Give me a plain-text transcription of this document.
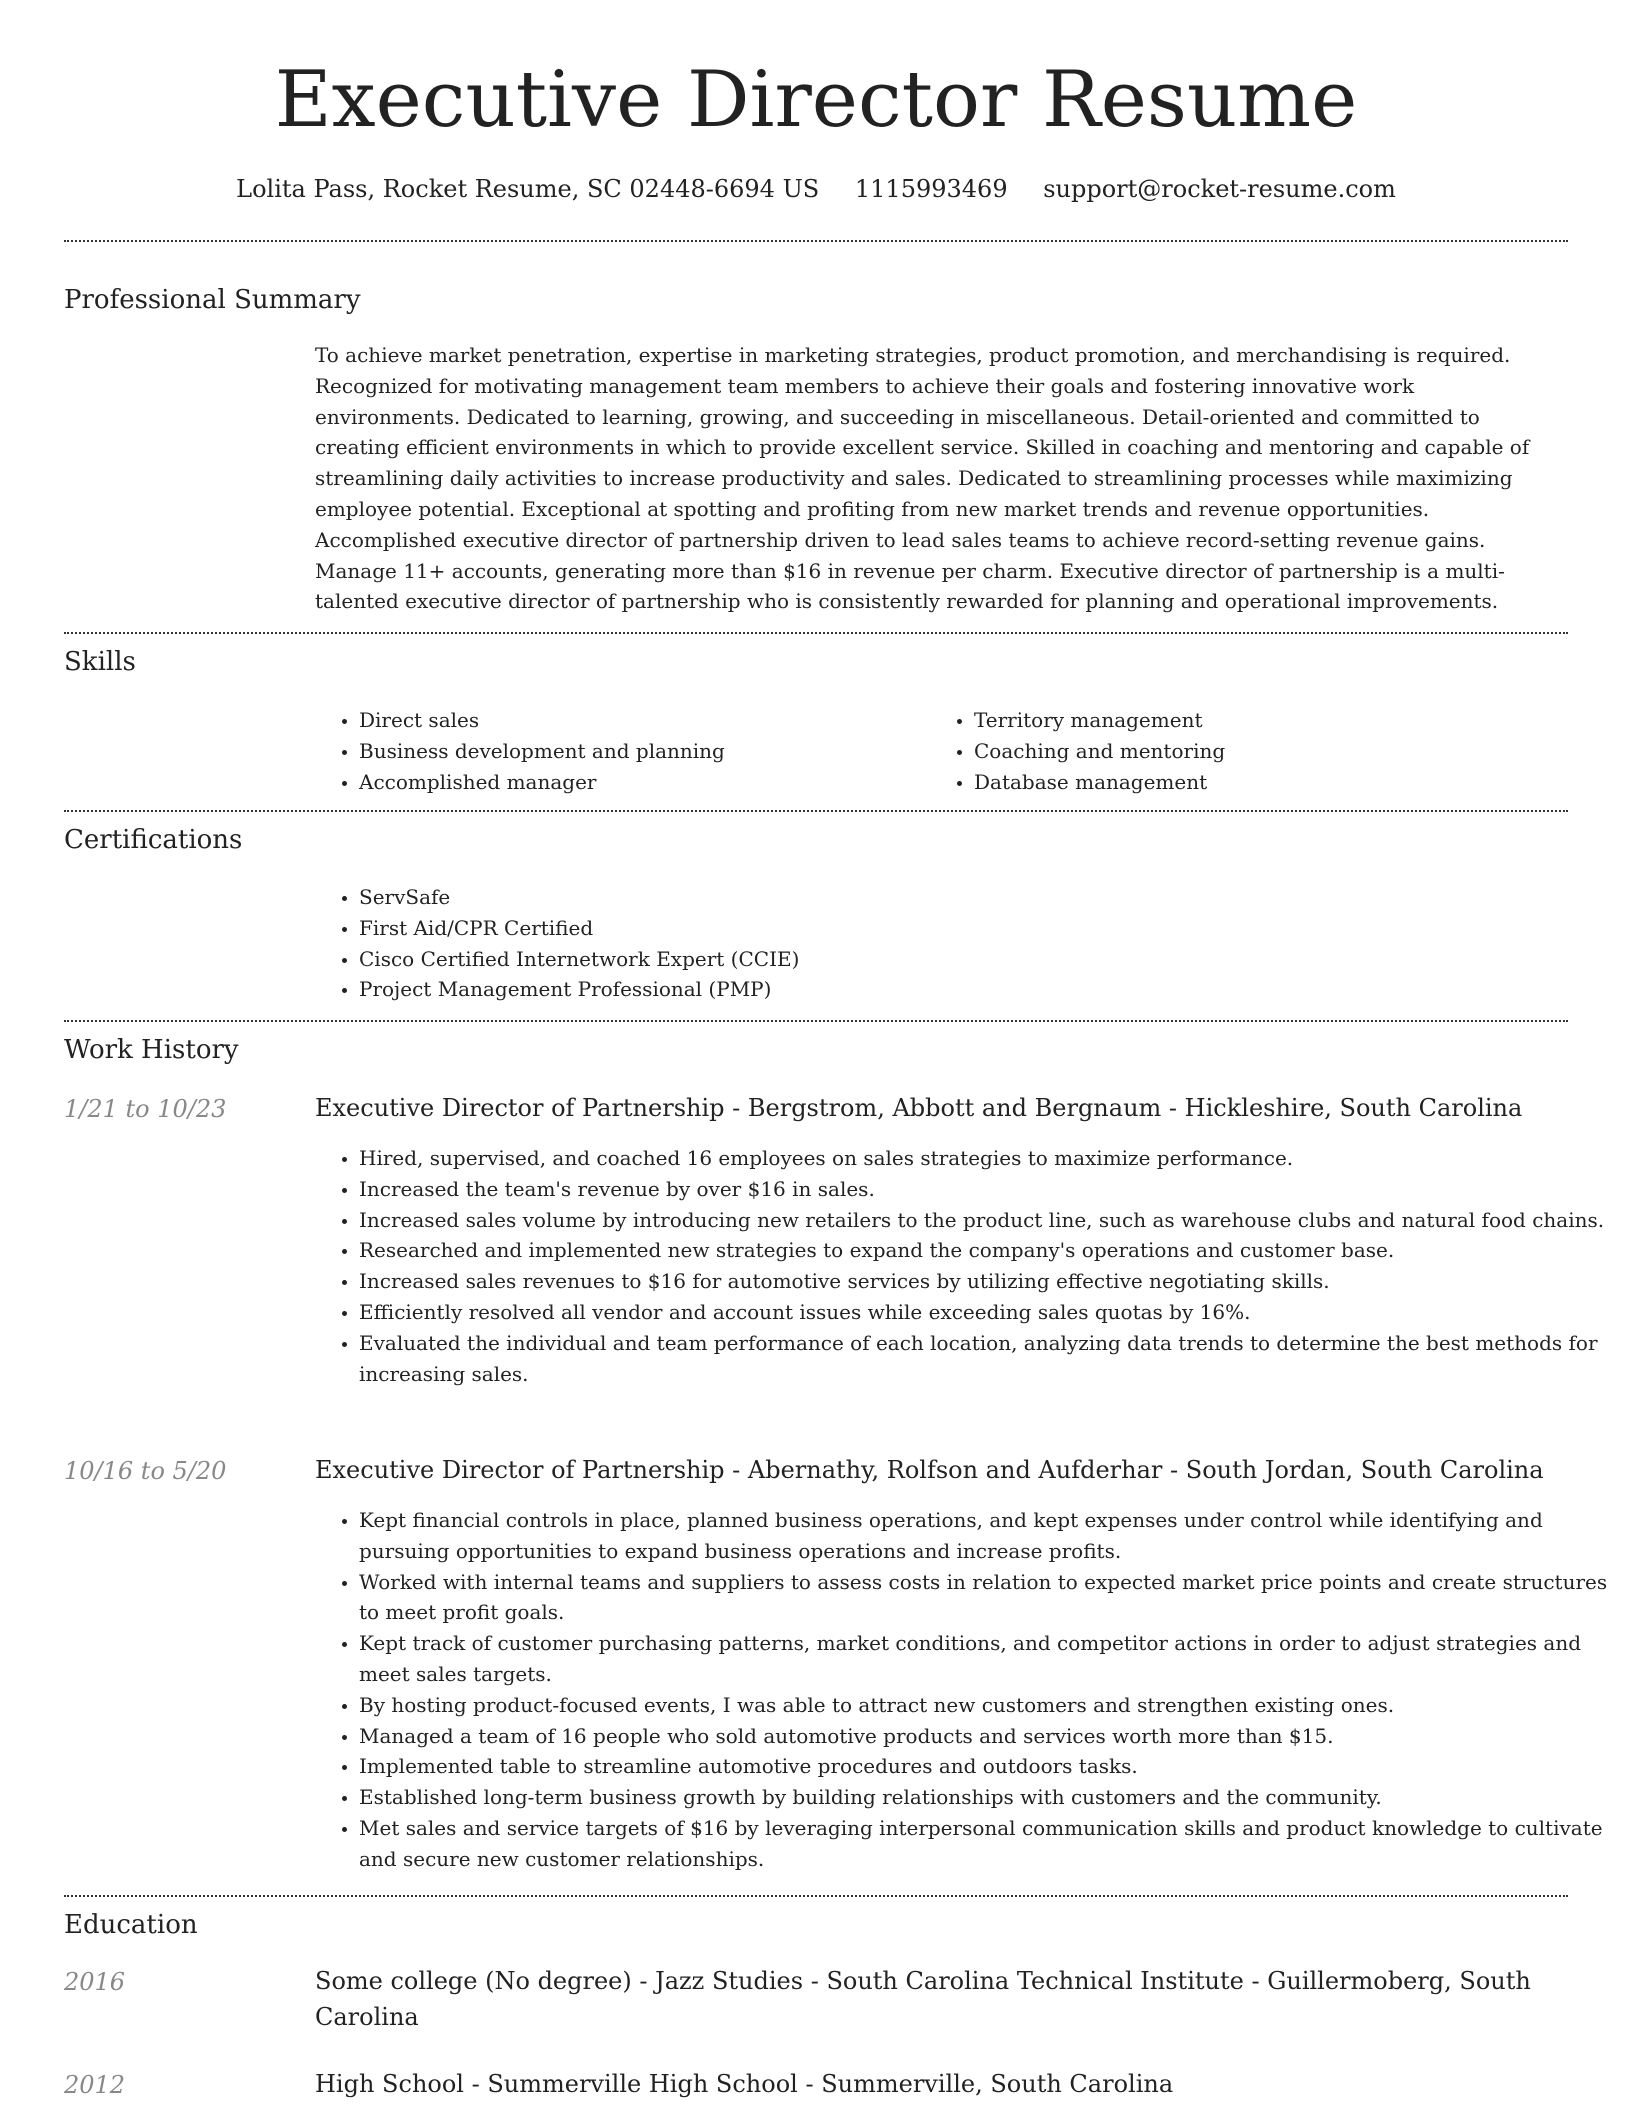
Executive Director Resume

Lolita Pass, Rocket Resume, SC 02448-6694 US 1115993469 support@rocket-resume.com

Professional Summary

To achieve market penetration, expertise in marketing strategies, product promotion, and merchandising is required. Recognized for motivating management team members to achieve their goals and fostering innovative work environments. Dedicated to learning, growing, and succeeding in miscellaneous. Detail-oriented and committed to creating efficient environments in which to provide excellent service. Skilled in coaching and mentoring and capable of streamlining daily activities to increase productivity and sales. Dedicated to streamlining processes while maximizing employee potential. Exceptional at spotting and profiting from new market trends and revenue opportunities. Accomplished executive director of partnership driven to lead sales teams to achieve record-setting revenue gains. Manage 11+ accounts, generating more than $16 in revenue per charm. Executive director of partnership is a multi-talented executive director of partnership who is consistently rewarded for planning and operational improvements.

Skills
• Direct sales
• Business development and planning
• Accomplished manager
• Territory management
• Coaching and mentoring
• Database management
Certifications
• ServSafe
• First Aid/CPR Certified
• Cisco Certified Internetwork Expert (CCIE)
• Project Management Professional (PMP)
Work History
1/21 to 10/23	Executive Director of Partnership - Bergstrom, Abbott and Bergnaum - Hickleshire, South Carolina
• Hired, supervised, and coached 16 employees on sales strategies to maximize performance.
• Increased the team's revenue by over $16 in sales.
• Increased sales volume by introducing new retailers to the product line, such as warehouse clubs and natural food chains.
• Researched and implemented new strategies to expand the company's operations and customer base.
• Increased sales revenues to $16 for automotive services by utilizing effective negotiating skills.
• Efficiently resolved all vendor and account issues while exceeding sales quotas by 16%.
• Evaluated the individual and team performance of each location, analyzing data trends to determine the best methods for increasing sales.
10/16 to 5/20	Executive Director of Partnership - Abernathy, Rolfson and Aufderhar - South Jordan, South Carolina
• Kept financial controls in place, planned business operations, and kept expenses under control while identifying and pursuing opportunities to expand business operations and increase profits.
• Worked with internal teams and suppliers to assess costs in relation to expected market price points and create structures to meet profit goals.
• Kept track of customer purchasing patterns, market conditions, and competitor actions in order to adjust strategies and meet sales targets.
• By hosting product-focused events, I was able to attract new customers and strengthen existing ones.
• Managed a team of 16 people who sold automotive products and services worth more than $15.
• Implemented table to streamline automotive procedures and outdoors tasks.
• Established long-term business growth by building relationships with customers and the community.
• Met sales and service targets of $16 by leveraging interpersonal communication skills and product knowledge to cultivate and secure new customer relationships.
Education
2016	Some college (No degree) - Jazz Studies - South Carolina Technical Institute - Guillermoberg, South Carolina
2012	High School - Summerville High School - Summerville, South Carolina
